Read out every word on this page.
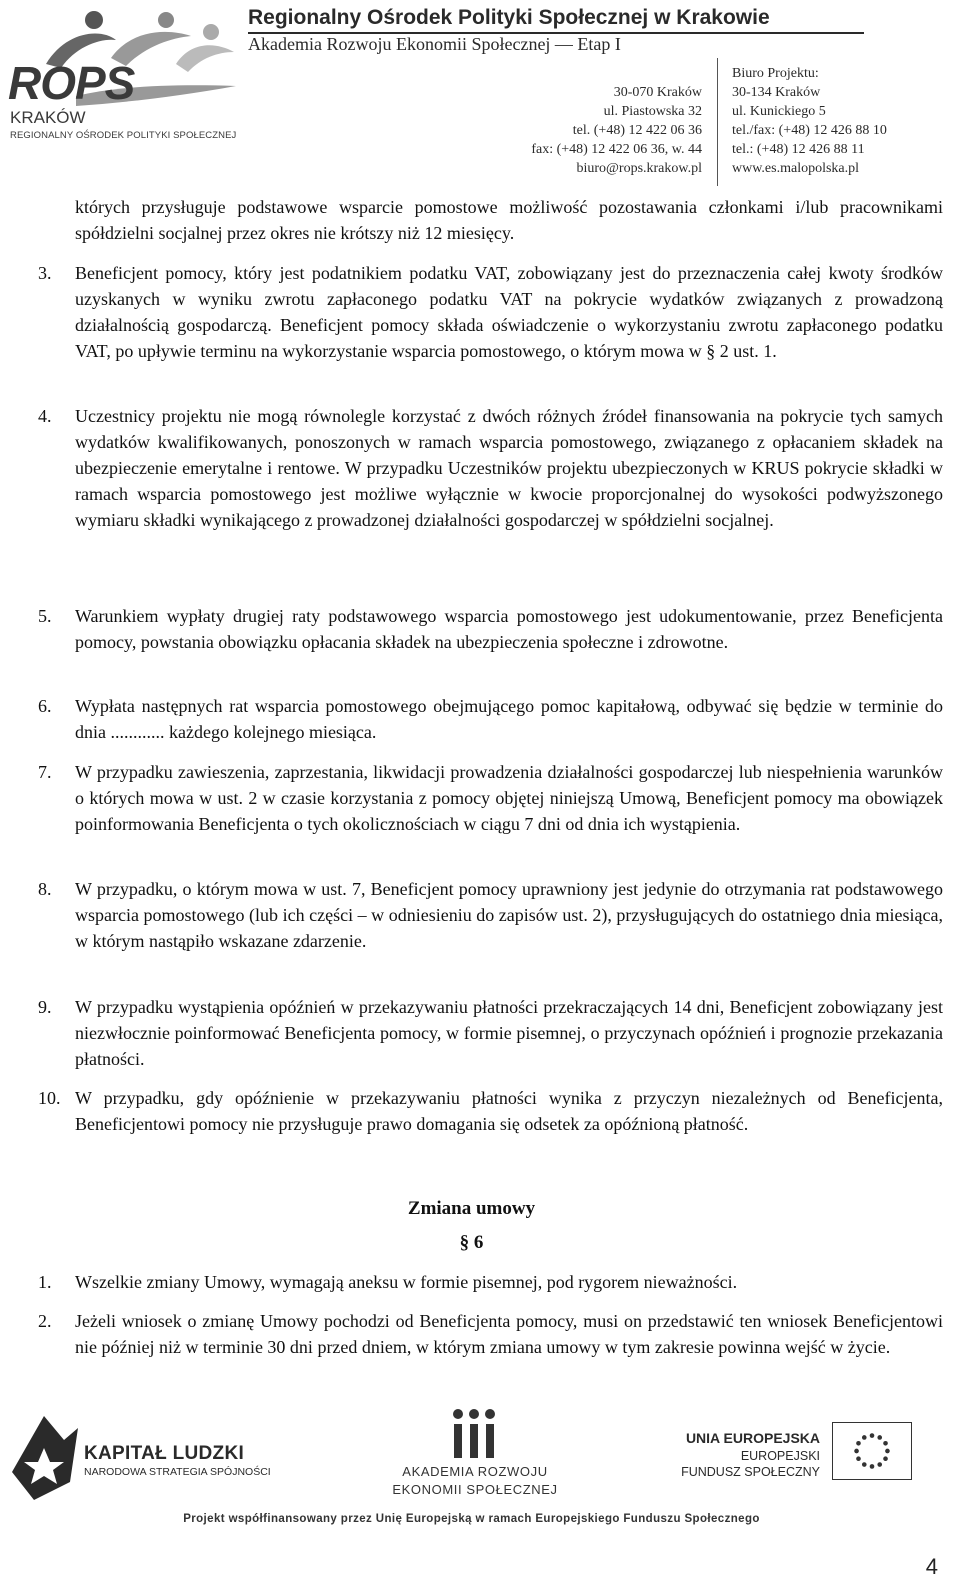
ROPS
KRAKÓW
REGIONALNY OŚRODEK POLITYKI SPOŁECZNEJ
Regionalny Ośrodek Polityki Społecznej w Krakowie
Akademia Rozwoju Ekonomii Społecznej — Etap I
30-070 Kraków
ul. Piastowska 32
tel. (+48) 12 422 06 36
fax: (+48) 12 422 06 36, w. 44
biuro@rops.krakow.pl
Biuro Projektu:
30-134 Kraków
ul. Kunickiego 5
tel./fax: (+48) 12 426 88 10
tel.: (+48) 12 426 88 11
www.es.malopolska.pl
których przysługuje podstawowe wsparcie pomostowe możliwość pozostawania członkami i/lub pracownikami spółdzielni socjalnej przez okres nie krótszy niż 12 miesięcy.
3. Beneficjent pomocy, który jest podatnikiem podatku VAT, zobowiązany jest do przeznaczenia całej kwoty środków uzyskanych w wyniku zwrotu zapłaconego podatku VAT na pokrycie wydatków związanych z prowadzoną działalnością gospodarczą. Beneficjent pomocy składa oświadczenie o wykorzystaniu zwrotu zapłaconego podatku VAT, po upływie terminu na wykorzystanie wsparcia pomostowego, o którym mowa w § 2 ust. 1.
4. Uczestnicy projektu nie mogą równolegle korzystać z dwóch różnych źródeł finansowania na pokrycie tych samych wydatków kwalifikowanych, ponoszonych w ramach wsparcia pomostowego, związanego z opłacaniem składek na ubezpieczenie emerytalne i rentowe. W przypadku Uczestników projektu ubezpieczonych w KRUS pokrycie składki w ramach wsparcia pomostowego jest możliwe wyłącznie w kwocie proporcjonalnej do wysokości podwyższonego wymiaru składki wynikającego z prowadzonej działalności gospodarczej w spółdzielni socjalnej.
5. Warunkiem wypłaty drugiej raty podstawowego wsparcia pomostowego jest udokumentowanie, przez Beneficjenta pomocy, powstania obowiązku opłacania składek na ubezpieczenia społeczne i zdrowotne.
6. Wypłata następnych rat wsparcia pomostowego obejmującego pomoc kapitałową, odbywać się będzie w terminie do dnia ............ każdego kolejnego miesiąca.
7. W przypadku zawieszenia, zaprzestania, likwidacji prowadzenia działalności gospodarczej lub niespełnienia warunków o których mowa w ust. 2 w czasie korzystania z pomocy objętej niniejszą Umową, Beneficjent pomocy ma obowiązek poinformowania Beneficjenta o tych okolicznościach w ciągu 7 dni od dnia ich wystąpienia.
8. W przypadku, o którym mowa w ust. 7, Beneficjent pomocy uprawniony jest jedynie do otrzymania rat podstawowego wsparcia pomostowego (lub ich części – w odniesieniu do zapisów ust. 2), przysługujących do ostatniego dnia miesiąca, w którym nastąpiło wskazane zdarzenie.
9. W przypadku wystąpienia opóźnień w przekazywaniu płatności przekraczających 14 dni, Beneficjent zobowiązany jest niezwłocznie poinformować Beneficjenta pomocy, w formie pisemnej, o przyczynach opóźnień i prognozie przekazania płatności.
10. W przypadku, gdy opóźnienie w przekazywaniu płatności wynika z przyczyn niezależnych od Beneficjenta, Beneficjentowi pomocy nie przysługuje prawo domagania się odsetek za opóźnioną płatność.
Zmiana umowy
§ 6
1. Wszelkie zmiany Umowy, wymagają aneksu w formie pisemnej, pod rygorem nieważności.
2. Jeżeli wniosek o zmianę Umowy pochodzi od Beneficjenta pomocy, musi on przedstawić ten wniosek Beneficjentowi nie później niż w terminie 30 dni przed dniem, w którym zmiana umowy w tym zakresie powinna wejść w życie.
KAPITAŁ LUDZKI
NARODOWA STRATEGIA SPÓJNOŚCI	AKADEMIA ROZWOJU
EKONOMII SPOŁECZNEJ
UNIA EUROPEJSKA
EUROPEJSKI
FUNDUSZ SPOŁECZNY
Projekt współfinansowany przez Unię Europejską w ramach Europejskiego Funduszu Społecznego
4
